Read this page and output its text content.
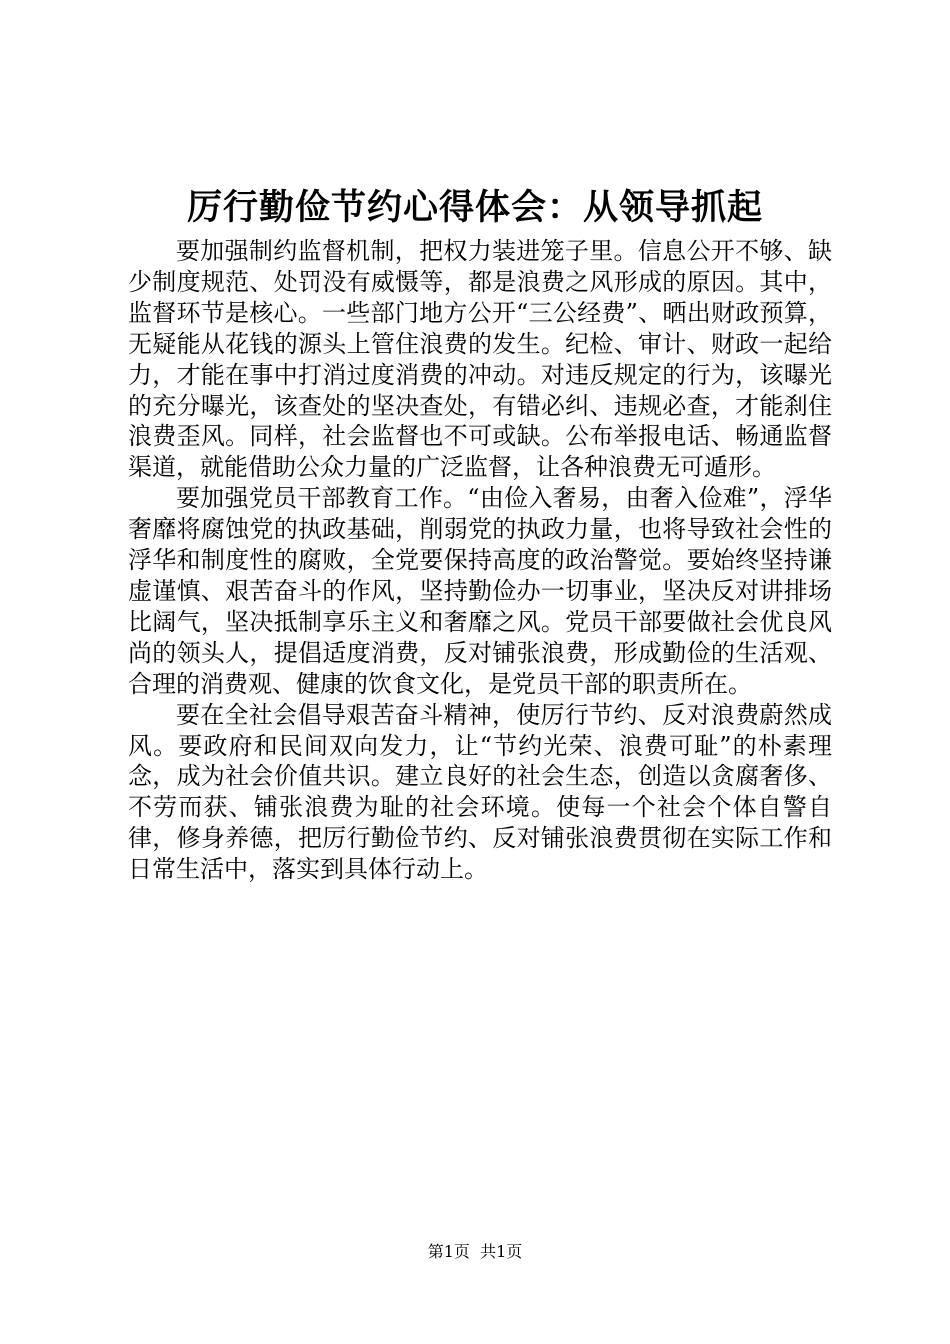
厉行勤俭节约心得体会：从领导抓起

要加强制约监督机制，把权力装进笼子里。信息公开不够、缺少制度规范、处罚没有威慑等，都是浪费之风形成的原因。其中，监督环节是核心。一些部门地方公开“三公经费”、晒出财政预算，无疑能从花钱的源头上管住浪费的发生。纪检、审计、财政一起给力，才能在事中打消过度消费的冲动。对违反规定的行为，该曝光的充分曝光，该查处的坚决查处，有错必纠、违规必查，才能刹住浪费歪风。同样，社会监督也不可或缺。公布举报电话、畅通监督渠道，就能借助公众力量的广泛监督，让各种浪费无可遁形。

要加强党员干部教育工作。“由俭入奢易，由奢入俭难”，浮华奢靡将腐蚀党的执政基础，削弱党的执政力量，也将导致社会性的浮华和制度性的腐败，全党要保持高度的政治警觉。要始终坚持谦虚谨慎、艰苦奋斗的作风，坚持勤俭办一切事业，坚决反对讲排场比阔气，坚决抵制享乐主义和奢靡之风。党员干部要做社会优良风尚的领头人，提倡适度消费，反对铺张浪费，形成勤俭的生活观、合理的消费观、健康的饮食文化，是党员干部的职责所在。

要在全社会倡导艰苦奋斗精神，使厉行节约、反对浪费蔚然成风。要政府和民间双向发力，让“节约光荣、浪费可耻”的朴素理念，成为社会价值共识。建立良好的社会生态，创造以贪腐奢侈、不劳而获、铺张浪费为耻的社会环境。使每一个社会个体自警自律，修身养德，把厉行勤俭节约、反对铺张浪费贯彻在实际工作和日常生活中，落实到具体行动上。

第1页 共1页
